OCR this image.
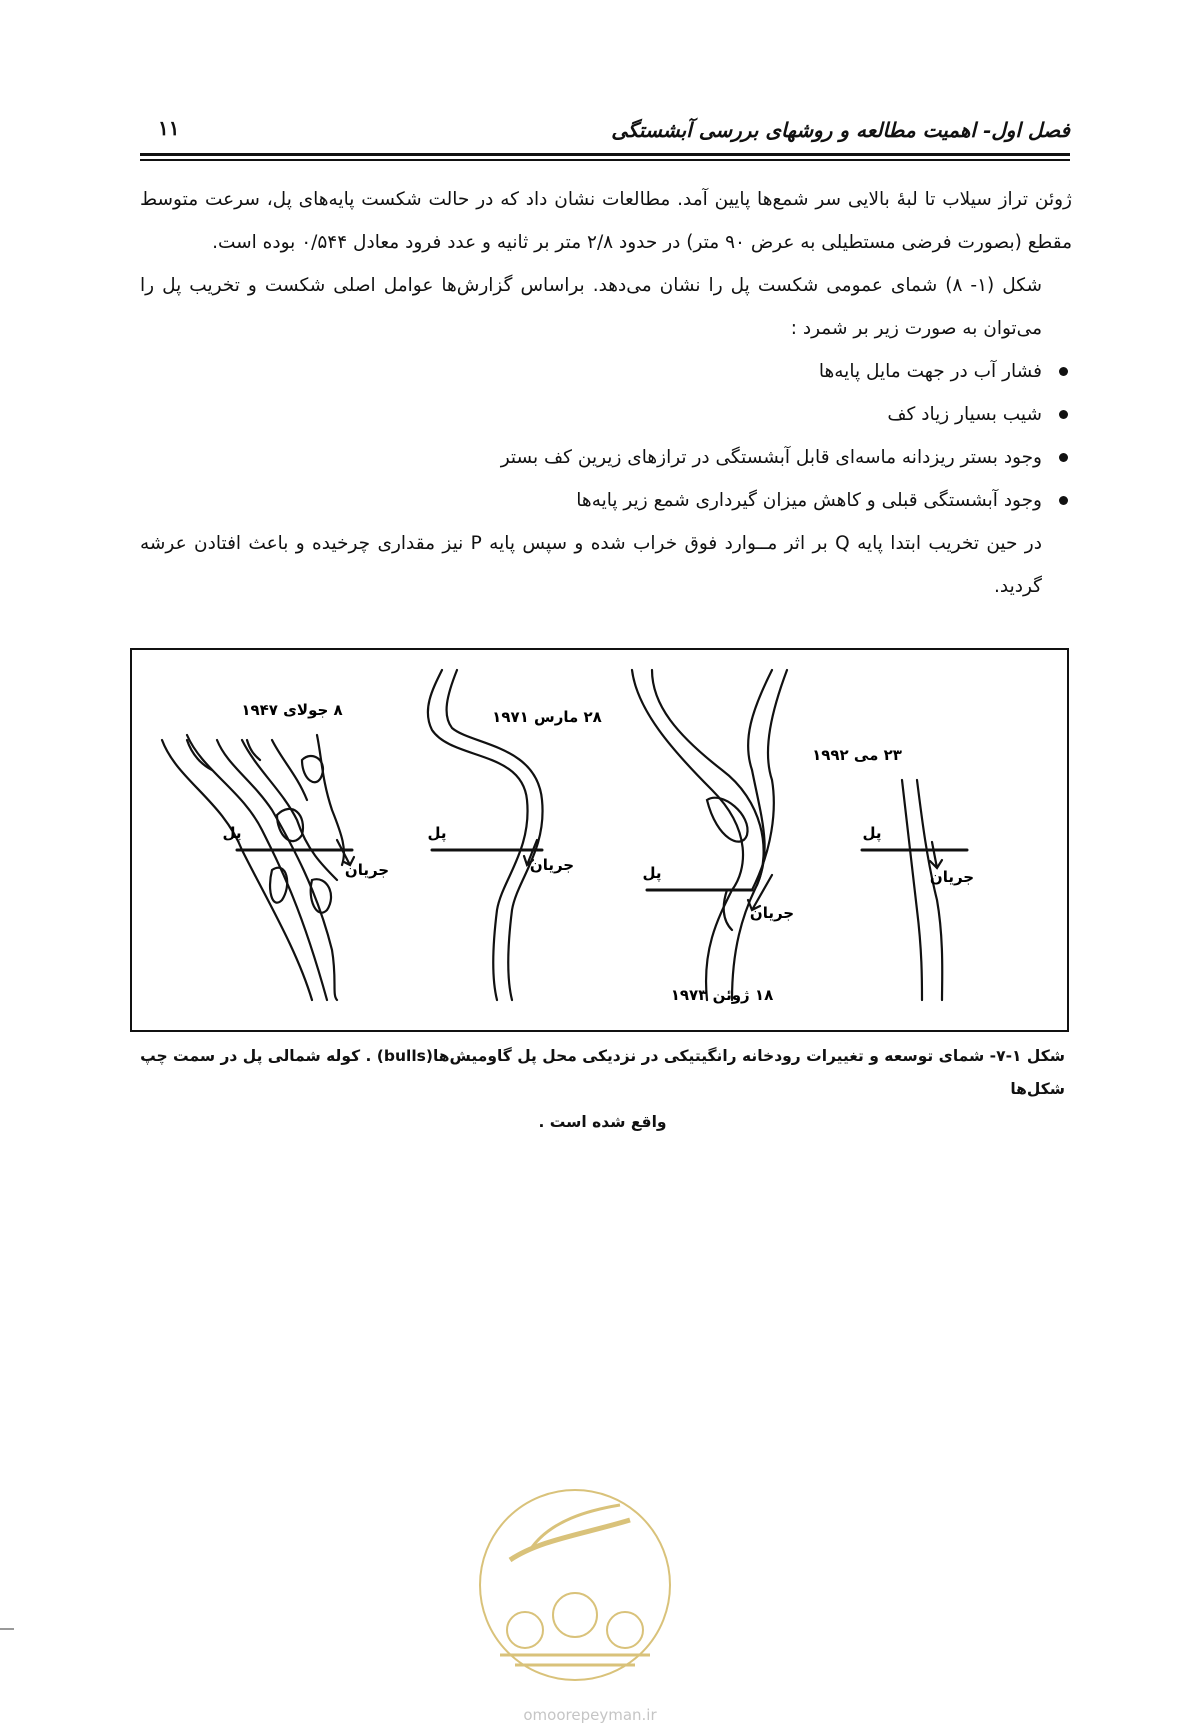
فصل اول- اهمیت مطالعه و روشهای بررسی آبشستگی
۱۱

ژوئن تراز سیلاب تا لبهٔ بالایی سر شمع‌ها پایین آمد. مطالعات نشان داد که در حالت شکست پایه‌های پل، سرعت متوسط مقطع (بصورت فرضی مستطیلی به عرض ۹۰ متر) در حدود ۲/۸ متر بر ثانیه و عدد فرود معادل ۰/۵۴۴ بوده است.

شکل (۱- ۸) شمای عمومی شکست پل را نشان می‌دهد. براساس گزارش‌ها عوامل اصلی شکست و تخریب پل را می‌توان به صورت زیر بر شمرد :

فشار آب در جهت مایل پایه‌ها
شیب بسیار زیاد کف
وجود بستر ریزدانه ماسه‌ای قابل آبشستگی در ترازهای زیرین کف بستر
وجود آبشستگی قبلی و کاهش میزان گیرداری شمع زیر پایه‌ها

در حین تخریب ابتدا پایه Q بر اثر مــوارد فوق خراب شده و سپس پایه P نیز مقداری چرخیده و باعث افتادن عرشه گردید.

۸ جولای ۱۹۴۷	۲۸ مارس ۱۹۷۱
۱۸ ژوئن ۱۹۷۳
۲۳ می ۱۹۹۲
پل	پل
پل
پل
جریان	جریان
جریان
جریان
شکل ۱-۷- شمای توسعه و تغییرات رودخانه رانگیتیکی در نزدیکی محل پل گاومیش‌ها(bulls) . کوله شمالی پل در سمت چپ شکل‌ها
واقع شده است .
omoorepeyman.ir
